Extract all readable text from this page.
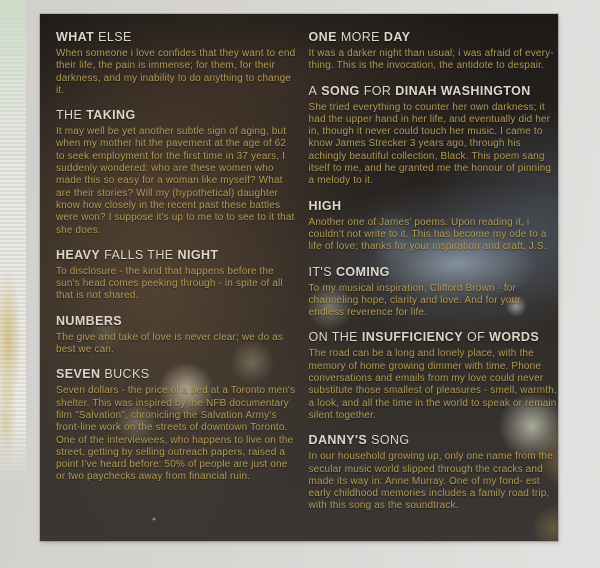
WHAT ELSE

When someone i love confides that they want to end their life, the pain is immense; for them, for their darkness, and my inability to do anything to change it.

THE TAKING

It may well be yet another subtle sign of aging, but when my mother hit the pavement at the age of 62 to seek employment for the first time in 37 years, I suddenly wondered: who are these women who made this so easy for a woman like myself? What are their stories? Will my (hypothetical) daughter know how closely in the recent past these battles were won? I suppose it's up to me to to see to it that she does.

HEAVY FALLS THE NIGHT

To disclosure - the kind that happens before the sun's head comes peeking through - in spite of all that is not shared.

NUMBERS

The give and take of love is never clear; we do as best we can.

SEVEN BUCKS

Seven dollars - the price of a bed at a Toronto men's shelter. This was inspired by the NFB documentary film "Salvation", chronicling the Salvation Army's front-line work on the streets of downtown Toronto. One of the interviewees, who happens to live on the street, getting by selling outreach papers, raised a point I've heard before: 50% of people are just one or two paychecks away from financial ruin.

ONE MORE DAY

It was a darker night than usual; i was afraid of every- thing. This is the invocation, the antidote to despair.

A SONG FOR DINAH WASHINGTON

She tried everything to counter her own darkness; it had the upper hand in her life, and eventually did her in, though it never could touch her music. I came to know James Strecker 3 years ago, through his achingly beautiful collection, Black. This poem sang itself to me, and he granted me the honour of pinning a melody to it.

HIGH

Another one of James' poems. Upon reading it, i couldn't not write to it. This has become my ode to a life of love; thanks for your inspiration and craft, J.S.

IT'S COMING

To my musical inspiration, Clifford Brown - for channeling hope, clarity and love. And for your endless reverence for life.

ON THE INSUFFICIENCY OF WORDS

The road can be a long and lonely place, with the memory of home growing dimmer with time. Phone conversations and emails from my love could never substitute those smallest of pleasures - smell, warmth, a look, and all the time in the world to speak or remain silent together.

DANNY'S SONG

In our household growing up, only one name from the secular music world slipped through the cracks and made its way in: Anne Murray. One of my fond- est early childhood memories includes a family road trip, with this song as the soundtrack.
